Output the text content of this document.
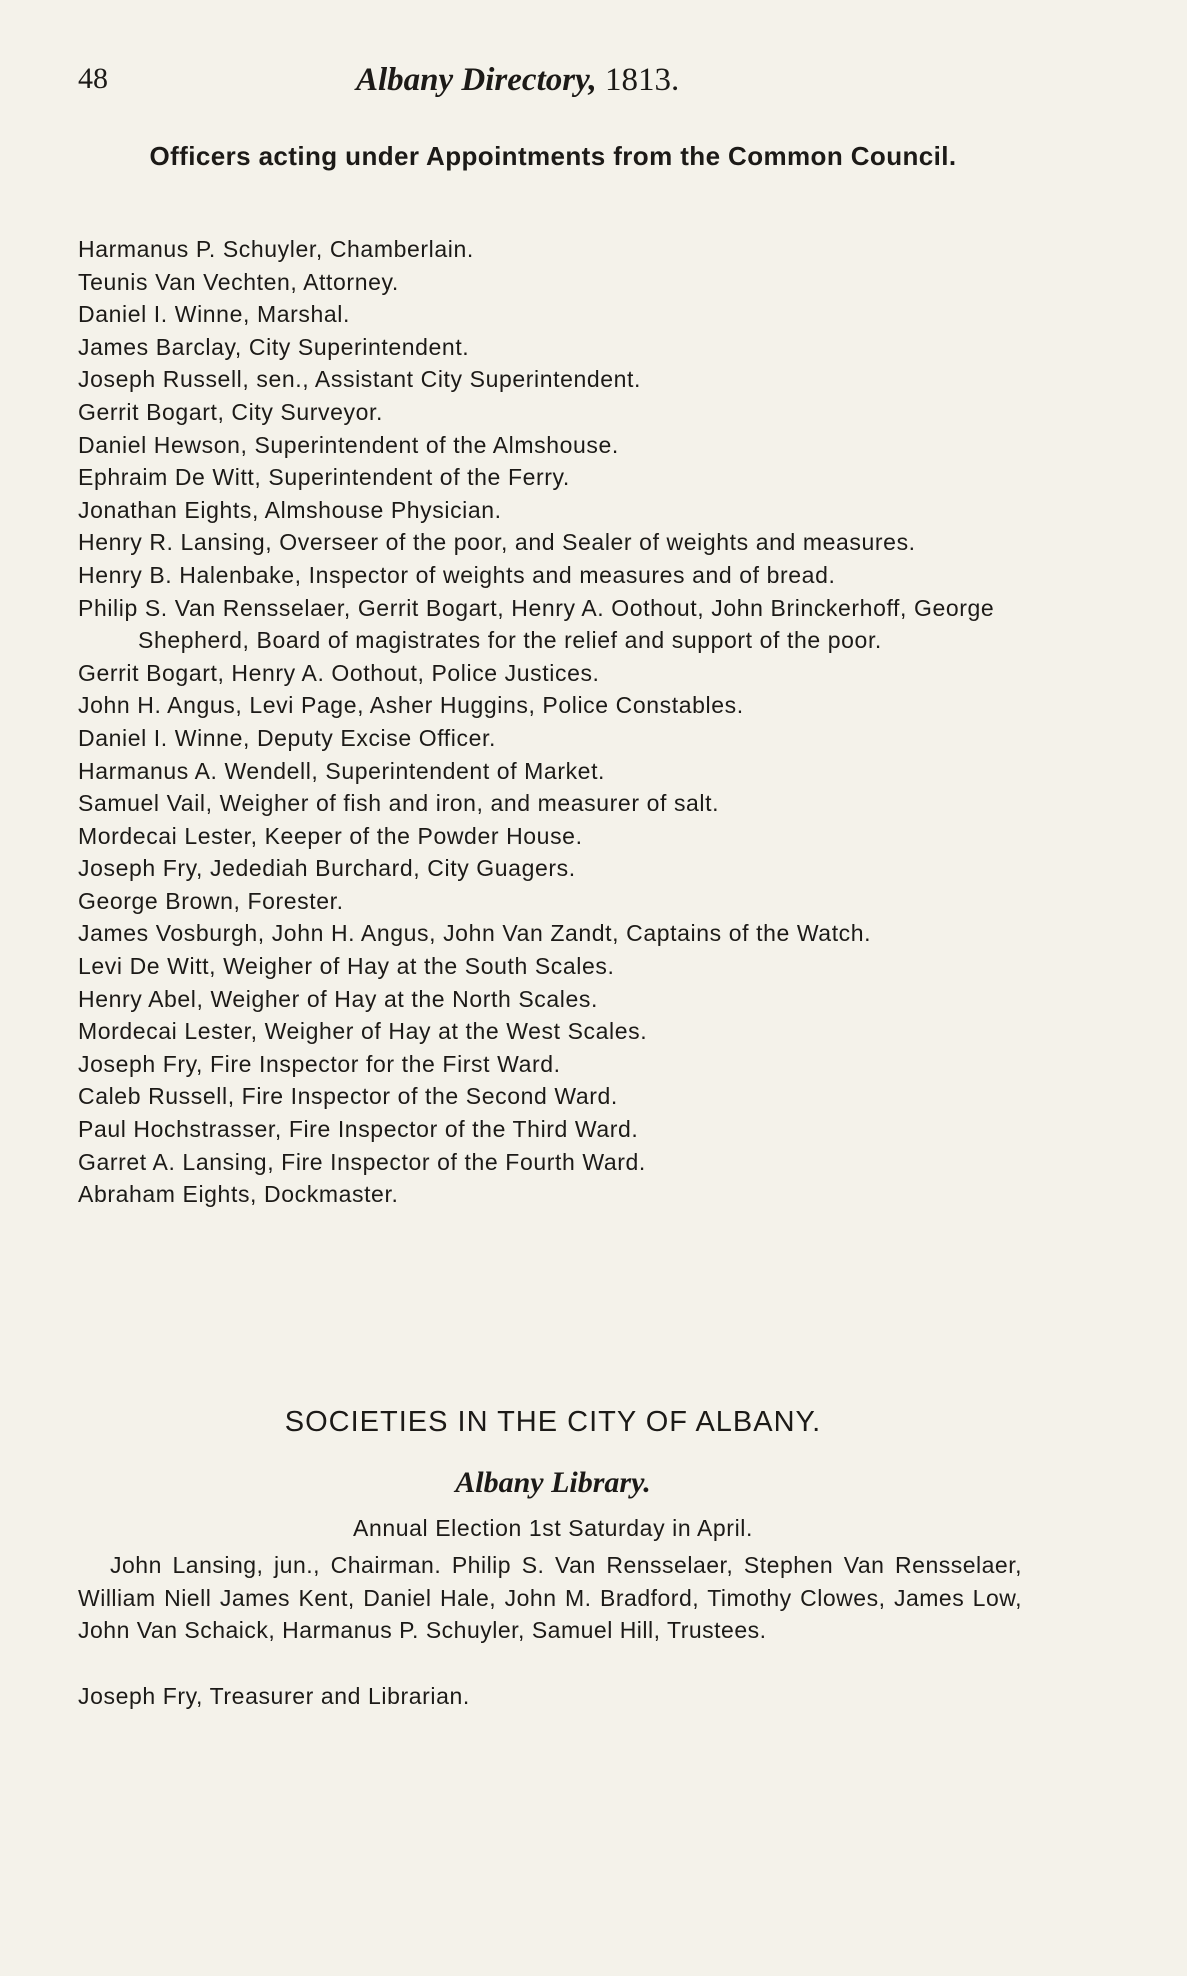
48	Albany Directory, 1813.
Officers acting under Appointments from the Common Council.
Harmanus P. Schuyler, Chamberlain.
Teunis Van Vechten, Attorney.
Daniel I. Winne, Marshal.
James Barclay, City Superintendent.
Joseph Russell, sen., Assistant City Superintendent.
Gerrit Bogart, City Surveyor.
Daniel Hewson, Superintendent of the Almshouse.
Ephraim De Witt, Superintendent of the Ferry.
Jonathan Eights, Almshouse Physician.
Henry R. Lansing, Overseer of the poor, and Sealer of weights and measures.
Henry B. Halenbake, Inspector of weights and measures and of bread.
Philip S. Van Rensselaer, Gerrit Bogart, Henry A. Oothout, John Brinckerhoff, George Shepherd, Board of magistrates for the relief and support of the poor.
Gerrit Bogart, Henry A. Oothout, Police Justices.
John H. Angus, Levi Page, Asher Huggins, Police Constables.
Daniel I. Winne, Deputy Excise Officer.
Harmanus A. Wendell, Superintendent of Market.
Samuel Vail, Weigher of fish and iron, and measurer of salt.
Mordecai Lester, Keeper of the Powder House.
Joseph Fry, Jedediah Burchard, City Guagers.
George Brown, Forester.
James Vosburgh, John H. Angus, John Van Zandt, Captains of the Watch.
Levi De Witt, Weigher of Hay at the South Scales.
Henry Abel, Weigher of Hay at the North Scales.
Mordecai Lester, Weigher of Hay at the West Scales.
Joseph Fry, Fire Inspector for the First Ward.
Caleb Russell, Fire Inspector of the Second Ward.
Paul Hochstrasser, Fire Inspector of the Third Ward.
Garret A. Lansing, Fire Inspector of the Fourth Ward.
Abraham Eights, Dockmaster.
SOCIETIES IN THE CITY OF ALBANY.
Albany Library.
Annual Election 1st Saturday in April.

John Lansing, jun., Chairman. Philip S. Van Rensselaer, Stephen Van Rensselaer, William Niell James Kent, Daniel Hale, John M. Bradford, Timothy Clowes, James Low, John Van Schaick, Harmanus P. Schuyler, Samuel Hill, Trustees.

Joseph Fry, Treasurer and Librarian.
